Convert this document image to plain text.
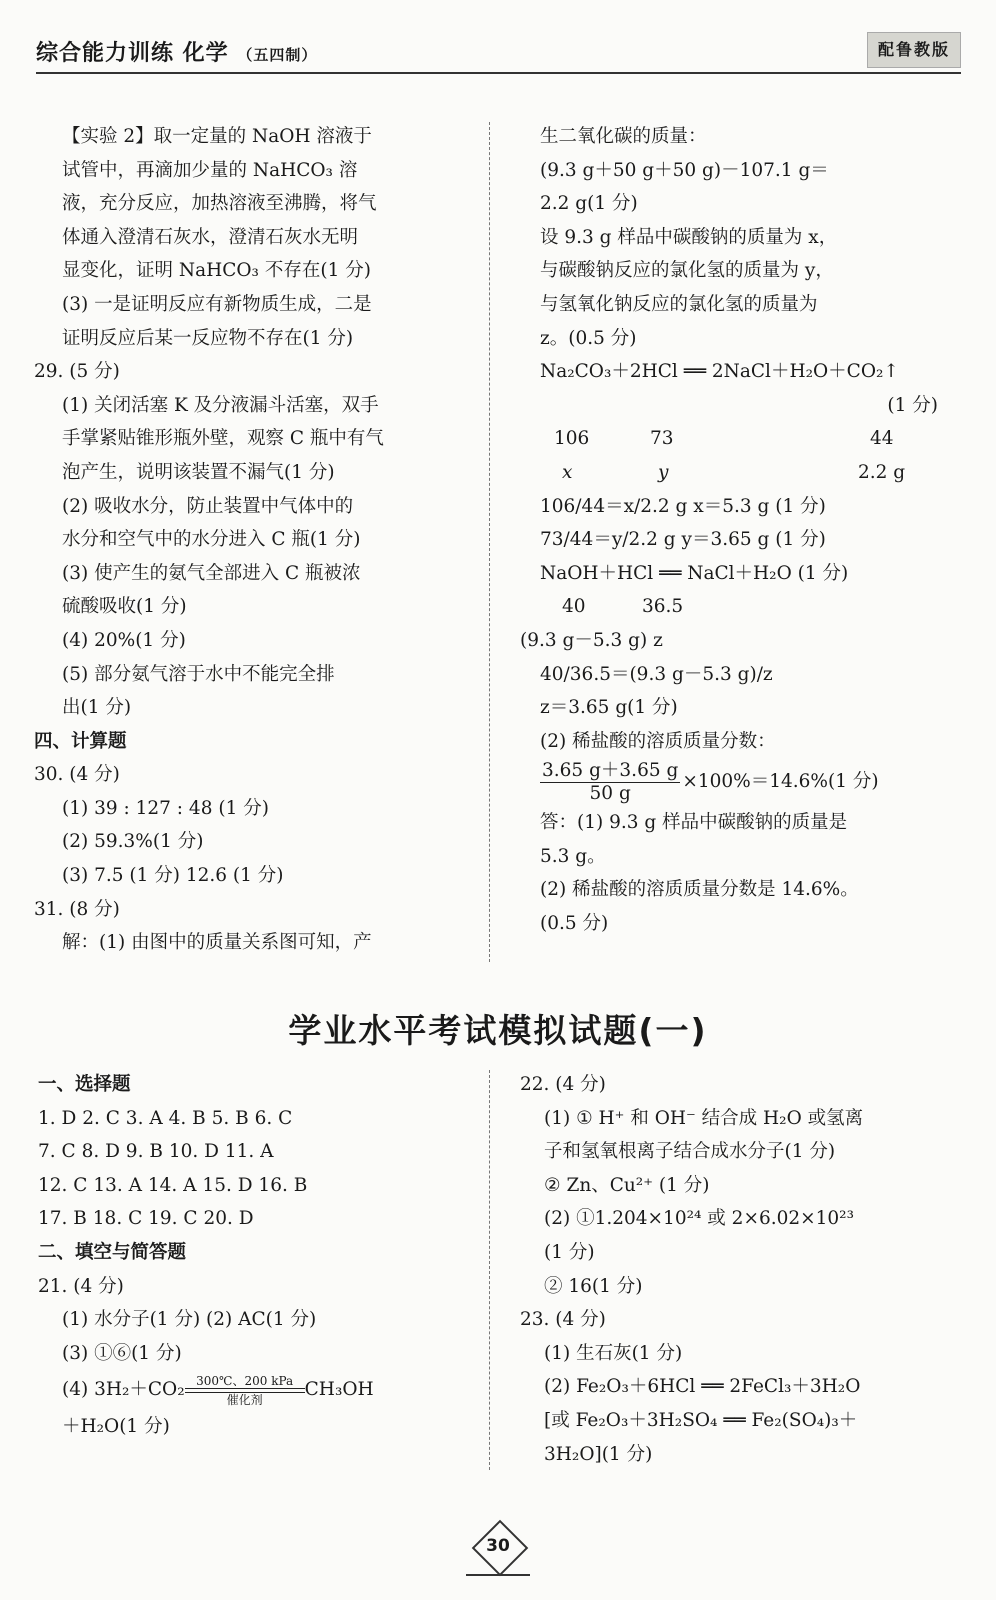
综合能力训练 化学 （五四制）	配鲁教版
【实验 2】取一定量的 NaOH 溶液于
试管中，再滴加少量的 NaHCO₃ 溶
液，充分反应，加热溶液至沸腾，将气
体通入澄清石灰水，澄清石灰水无明
显变化，证明 NaHCO₃ 不存在(1 分)
(3) 一是证明反应有新物质生成，二是
证明反应后某一反应物不存在(1 分)
29. (5 分)
(1) 关闭活塞 K 及分液漏斗活塞，双手
手掌紧贴锥形瓶外壁，观察 C 瓶中有气
泡产生，说明该装置不漏气(1 分)
(2) 吸收水分，防止装置中气体中的
水分和空气中的水分进入 C 瓶(1 分)
(3) 使产生的氨气全部进入 C 瓶被浓
硫酸吸收(1 分)
(4) 20%(1 分)
(5) 部分氨气溶于水中不能完全排
出(1 分)
四、计算题
30. (4 分)
(1) 39 : 127 : 48 (1 分)
(2) 59.3%(1 分)
(3) 7.5 (1 分) 12.6 (1 分)
31. (8 分)
解：(1) 由图中的质量关系图可知，产
生二氧化碳的质量：
(9.3 g＋50 g＋50 g)－107.1 g＝
2.2 g(1 分)
设 9.3 g 样品中碳酸钠的质量为 x，
与碳酸钠反应的氯化氢的质量为 y，
与氢氧化钠反应的氯化氢的质量为
z。(0.5 分)
Na₂CO₃＋2HCl ══ 2NaCl＋H₂O＋CO₂↑
(1 分)
106	73	44
x	y	2.2 g
106/44＝x/2.2 g x＝5.3 g (1 分)
73/44＝y/2.2 g y＝3.65 g (1 分)
NaOH＋HCl ══ NaCl＋H₂O (1 分)
40	36.5
(9.3 g－5.3 g) z
40/36.5＝(9.3 g－5.3 g)/z
z＝3.65 g(1 分)
(2) 稀盐酸的溶质质量分数：
$\frac{3.65 g+3.65 g}{50 g} \times 100\%=14.6\%(1$ 分)
答：(1) 9.3 g 样品中碳酸钠的质量是
5.3 g。
(2) 稀盐酸的溶质质量分数是 14.6%。
(0.5 分)
学业水平考试模拟试题(一)
一、选择题
1. D 2. C 3. A 4. B 5. B 6. C
7. C 8. D 9. B 10. D 11. A
12. C 13. A 14. A 15. D 16. B
17. B 18. C 19. C 20. D
二、填空与简答题
21. (4 分)
(1) 水分子(1 分) (2) AC(1 分)
(3) ①⑥(1 分)
(4) 3H₂＋CO₂ 300℃、200 kPa
催化剂	CH₃OH
＋H₂O(1 分)
22. (4 分)
(1) ① H⁺ 和 OH⁻ 结合成 H₂O 或氢离
子和氢氧根离子结合成水分子(1 分)
② Zn、Cu²⁺ (1 分)
(2) ①1.204×10²⁴ 或 2×6.02×10²³
(1 分)
② 16(1 分)
23. (4 分)
(1) 生石灰(1 分)
(2) Fe₂O₃＋6HCl ══ 2FeCl₃＋3H₂O
[或 Fe₂O₃＋3H₂SO₄ ══ Fe₂(SO₄)₃＋
3H₂O](1 分)
30
